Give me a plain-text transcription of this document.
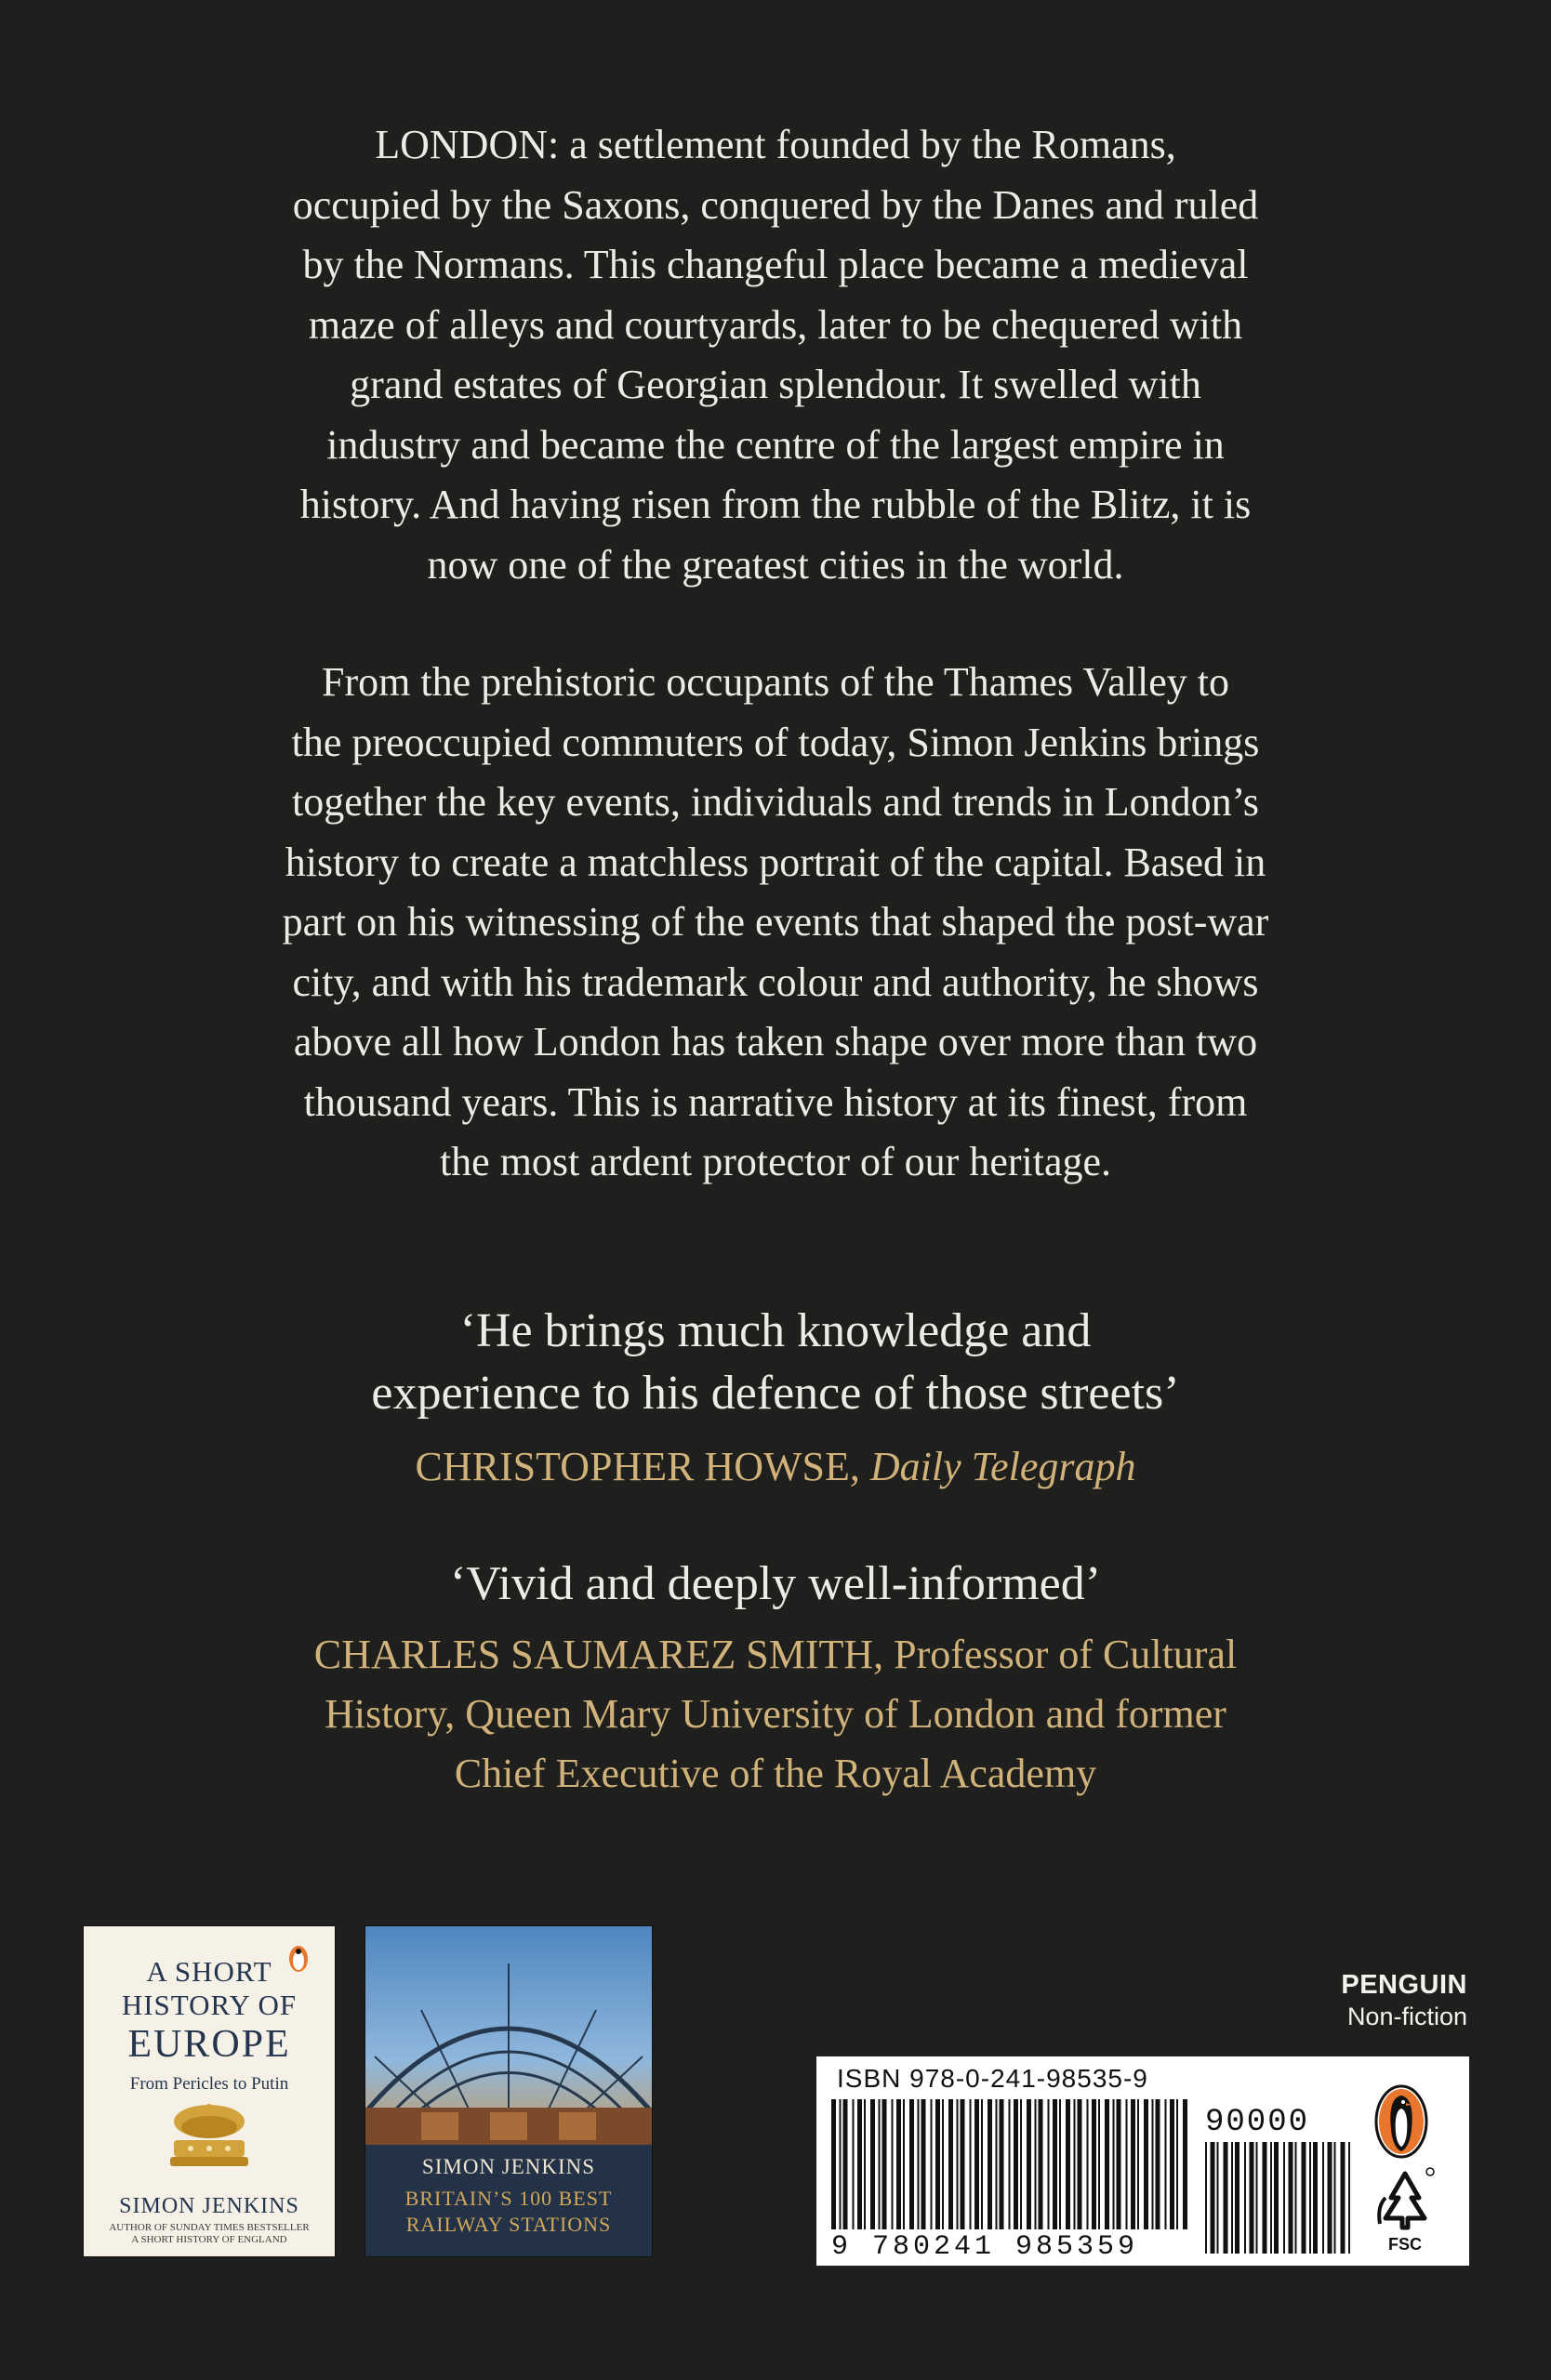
LONDON: a settlement founded by the Romans,
occupied by the Saxons, conquered by the Danes and ruled
by the Normans. This changeful place became a medieval
maze of alleys and courtyards, later to be chequered with
grand estates of Georgian splendour. It swelled with
industry and became the centre of the largest empire in
history. And having risen from the rubble of the Blitz, it is
now one of the greatest cities in the world.

From the prehistoric occupants of the Thames Valley to
the preoccupied commuters of today, Simon Jenkins brings
together the key events, individuals and trends in London’s
history to create a matchless portrait of the capital. Based in
part on his witnessing of the events that shaped the post-war
city, and with his trademark colour and authority, he shows
above all how London has taken shape over more than two
thousand years. This is narrative history at its finest, from
the most ardent protector of our heritage.

‘He brings much knowledge and
experience to his defence of those streets’
CHRISTOPHER HOWSE, Daily Telegraph
‘Vivid and deeply well-informed’
CHARLES SAUMAREZ SMITH, Professor of Cultural
History, Queen Mary University of London and former
Chief Executive of the Royal Academy
A SHORT
HISTORY OF
EUROPE
From Pericles to Putin
SIMON JENKINS
AUTHOR OF SUNDAY TIMES BESTSELLER
A SHORT HISTORY OF ENGLAND
SIMON JENKINS
BRITAIN’S 100 BEST
RAILWAY STATIONS
PENGUIN
Non-fiction
ISBN 978-0-241-98535-9
90000
9 780241 985359	FSC
